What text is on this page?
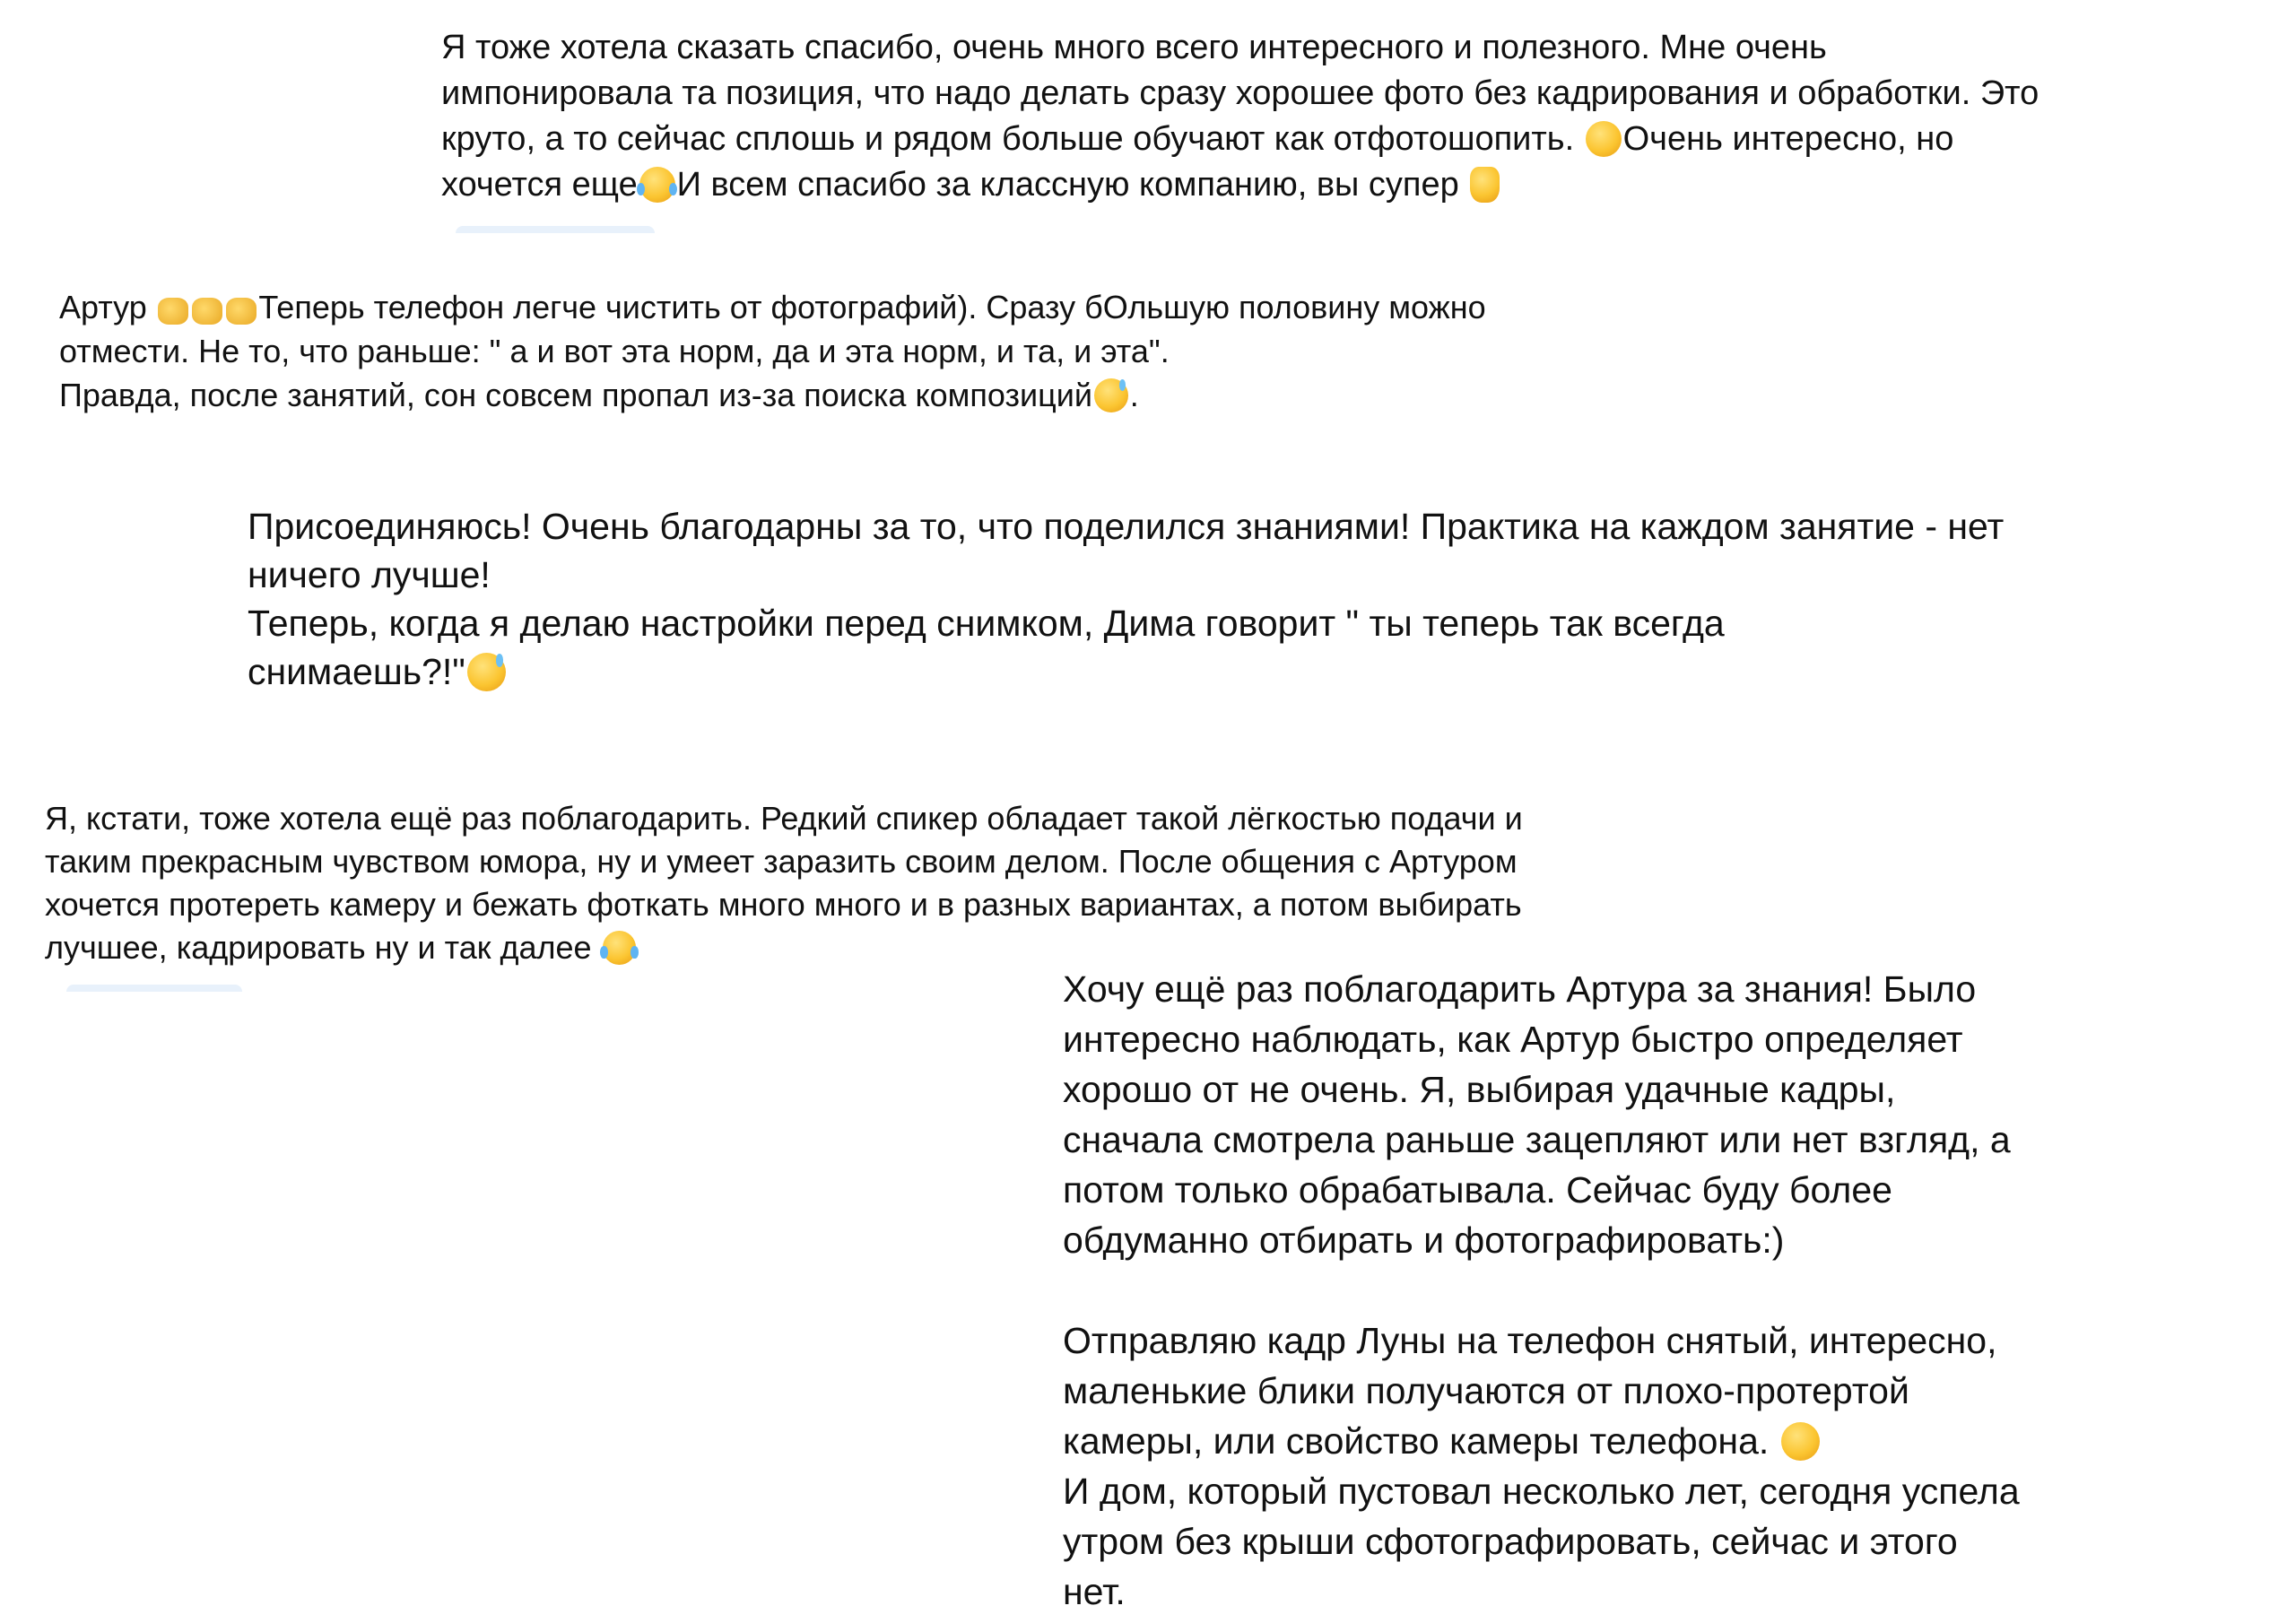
Я тоже хотела сказать спасибо, очень много всего интересного и полезного. Мне очень
импонировала та позиция, что надо делать сразу хорошее фото без кадрирования и обработки. Это
круто, а то сейчас сплошь и рядом больше обучают как отфотошопить. Очень интересно, но
хочется еще И всем спасибо за классную компанию, вы супер
Артур	Теперь телефон легче чистить от фотографий). Сразу бОльшую половину можно
отмести. Не то, что раньше: " а и вот эта норм, да и эта норм, и та, и эта".
Правда, после занятий, сон совсем пропал из-за поиска композиций .
Присоединяюсь! Очень благодарны за то, что поделился знаниями! Практика на каждом занятие - нет
ничего лучше!
Теперь, когда я делаю настройки перед снимком, Дима говорит " ты теперь так всегда
снимаешь?!"
Я, кстати, тоже хотела ещё раз поблагодарить. Редкий спикер обладает такой лёгкостью подачи и
таким прекрасным чувством юмора, ну и умеет заразить своим делом. После общения с Артуром
хочется протереть камеру и бежать фоткать много много и в разных вариантах, а потом выбирать
лучшее, кадрировать ну и так далее
Хочу ещё раз поблагодарить Артура за знания! Было
интересно наблюдать, как Артур быстро определяет
хорошо от не очень. Я, выбирая удачные кадры,
сначала смотрела раньше зацепляют или нет взгляд, а
потом только обрабатывала. Сейчас буду более
обдуманно отбирать и фотографировать:)

Отправляю кадр Луны на телефон снятый, интересно,
маленькие блики получаются от плохо-протертой
камеры, или свойство камеры телефона.
И дом, который пустовал несколько лет, сегодня успела
утром без крыши сфотографировать, сейчас и этого
нет.
